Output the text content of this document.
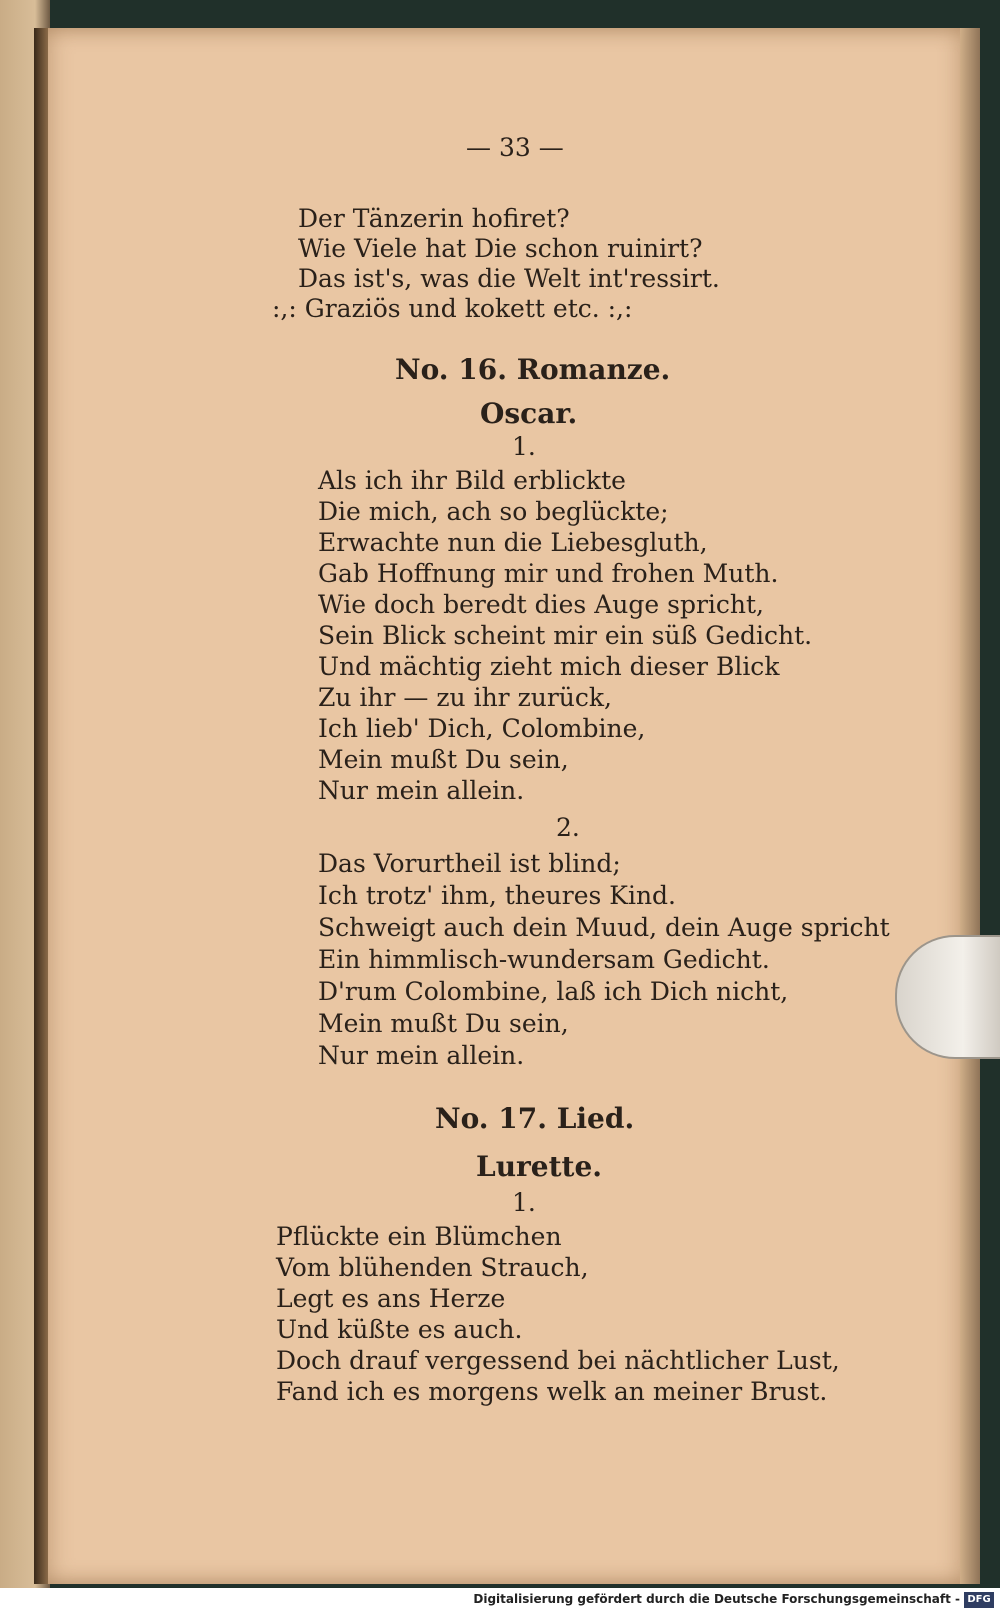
— 33 —

Der Tänzerin hofiret?

Wie Viele hat Die schon ruinirt?

Das ist's, was die Welt int'ressirt.

:,: Graziös und kokett etc. :,:

No. 16. Romanze.

Oscar.

1.

Als ich ihr Bild erblickte

Die mich, ach so beglückte;

Erwachte nun die Liebesgluth,

Gab Hoffnung mir und frohen Muth.

Wie doch beredt dies Auge spricht,

Sein Blick scheint mir ein süß Gedicht.

Und mächtig zieht mich dieser Blick

Zu ihr — zu ihr zurück,

Ich lieb' Dich, Colombine,

Mein mußt Du sein,

Nur mein allein.

2.

Das Vorurtheil ist blind;

Ich trotz' ihm, theures Kind.

Schweigt auch dein Muud, dein Auge spricht

Ein himmlisch-wundersam Gedicht.

D'rum Colombine, laß ich Dich nicht,

Mein mußt Du sein,

Nur mein allein.

No. 17. Lied.

Lurette.

1.

Pflückte ein Blümchen

Vom blühenden Strauch,

Legt es ans Herze

Und küßte es auch.

Doch drauf vergessend bei nächtlicher Lust,

Fand ich es morgens welk an meiner Brust.

Digitalisierung gefördert durch die Deutsche Forschungsgemeinschaft - DFG
